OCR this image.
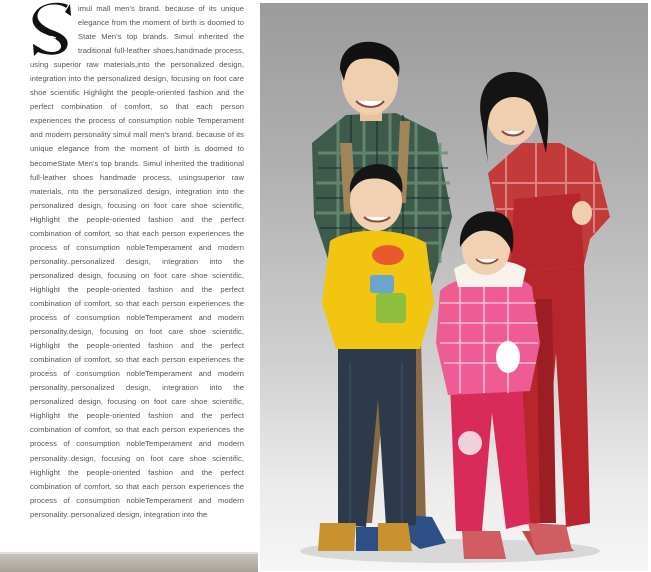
imul mall men's brand. because of its unique elegance from the moment of birth is doomed to State Men's top brands. Simul inherited the traditional full-leather shoes.handmade process, using superior raw materials,into the personalized design, integration into the personalized design, focusing on foot care shoe scientific Highlight the people-oriented fashion and the perfect combination of comfort, so that each person experiences the process of consumption noble Temperament and modern personality simul mall men's brand. because of its unique elegance from the moment of birth is doomed to becomeState Men's top brands. Simul inherited the traditional full-leather shoes handmade process, usingsuperior raw materials, nto the personalized design, integration into the personalized design, focusing on foot care shoe scientific, Highlight the people-oriented fashion and the perfect combination of comfort, so that each person experiences the process of consumption nobleTemperament and modern personality..personalized design, integration into the personalized design, focusing on foot care shoe scientific, Highlight the people-oriented fashion and the perfect combination of comfort, so that each person experiences the process of consumption nobleTemperament and modern personality.design, focusing on foot care shoe scientific, Highlight the people-oriented fashion and the perfect combination of comfort, so that each person experiences the process of consumption nobleTemperament and modern personality..personalized design, integration into the personalized design, focusing on foot care shoe scientific, Highlight the people-oriented fashion and the perfect combination of comfort, so that each person experiences the process of consumption nobleTemperament and modern personality..design, focusing on foot care shoe scientific, Highlight the people-oriented fashion and the perfect combination of comfort, so that each person experiences the process of consumption nobleTemperament and modern personality..personalized design, integration into the
